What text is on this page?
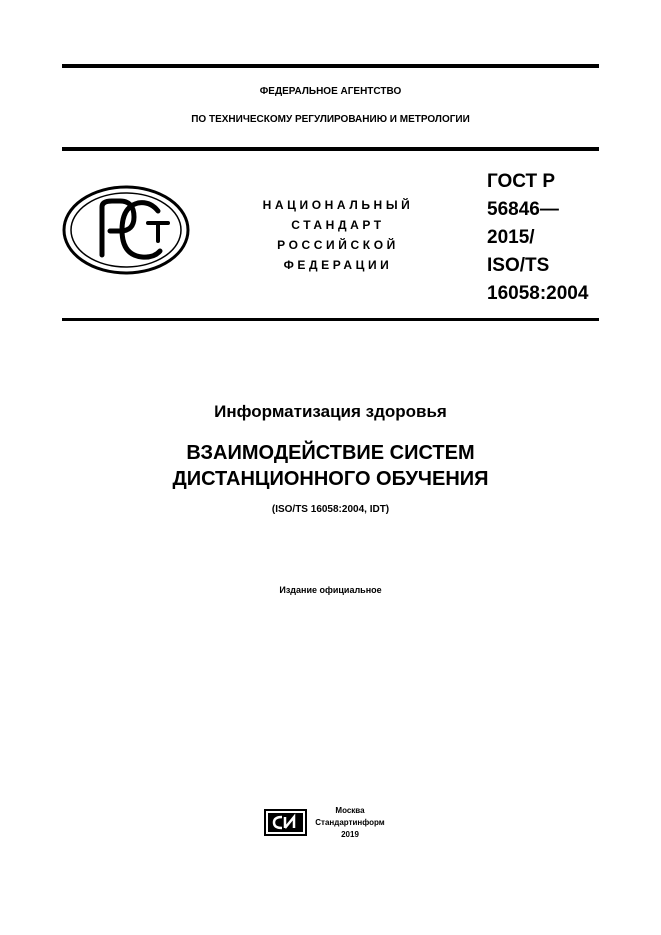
ФЕДЕРАЛЬНОЕ АГЕНТСТВО
ПО ТЕХНИЧЕСКОМУ РЕГУЛИРОВАНИЮ И МЕТРОЛОГИИ
НАЦИОНАЛЬНЫЙ
СТАНДАРТ
РОССИЙСКОЙ
ФЕДЕРАЦИИ
ГОСТ Р
56846—
2015/
ISO/TS
16058:2004
Информатизация здоровья
ВЗАИМОДЕЙСТВИЕ СИСТЕМ
ДИСТАНЦИОННОГО ОБУЧЕНИЯ
(ISO/TS 16058:2004, IDT)
Издание официальное
Москва
Стандартинформ
2019
